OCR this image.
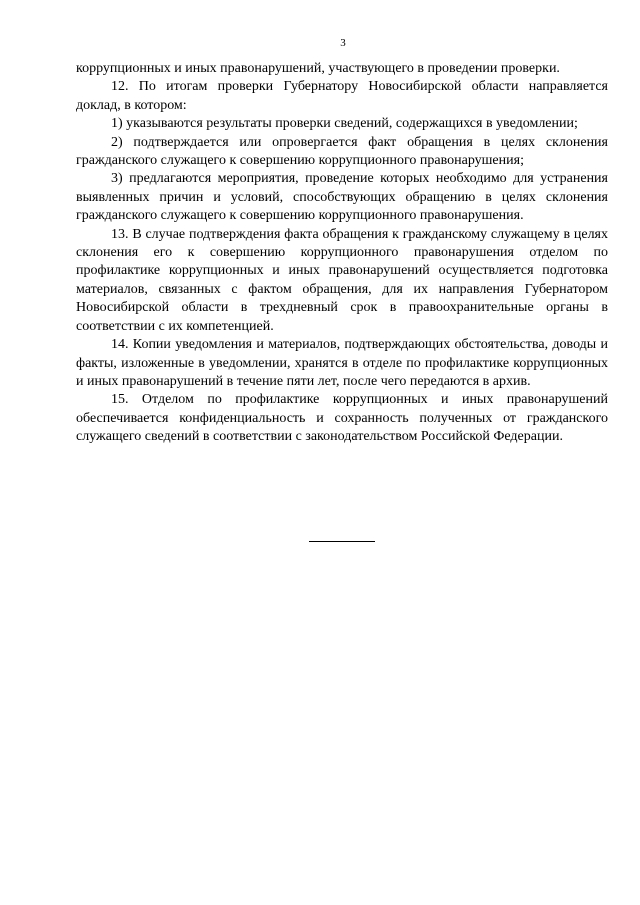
3

коррупционных и иных правонарушений, участвующего в проведении проверки.

12. По итогам проверки Губернатору Новосибирской области направляется доклад, в котором:

1) указываются результаты проверки сведений, содержащихся в уведомлении;

2) подтверждается или опровергается факт обращения в целях склонения гражданского служащего к совершению коррупционного правонарушения;

3) предлагаются мероприятия, проведение которых необходимо для устранения выявленных причин и условий, способствующих обращению в целях склонения гражданского служащего к совершению коррупционного правонарушения.

13. В случае подтверждения факта обращения к гражданскому служащему в целях склонения его к совершению коррупционного правонарушения отделом по профилактике коррупционных и иных правонарушений осуществляется подготовка материалов, связанных с фактом обращения, для их направления Губернатором Новосибирской области в трехдневный срок в правоохранительные органы в соответствии с их компетенцией.

14. Копии уведомления и материалов, подтверждающих обстоятельства, доводы и факты, изложенные в уведомлении, хранятся в отделе по профилактике коррупционных и иных правонарушений в течение пяти лет, после чего передаются в архив.

15. Отделом по профилактике коррупционных и иных правонарушений обеспечивается конфиденциальность и сохранность полученных от гражданского служащего сведений в соответствии с законодательством Российской Федерации.
